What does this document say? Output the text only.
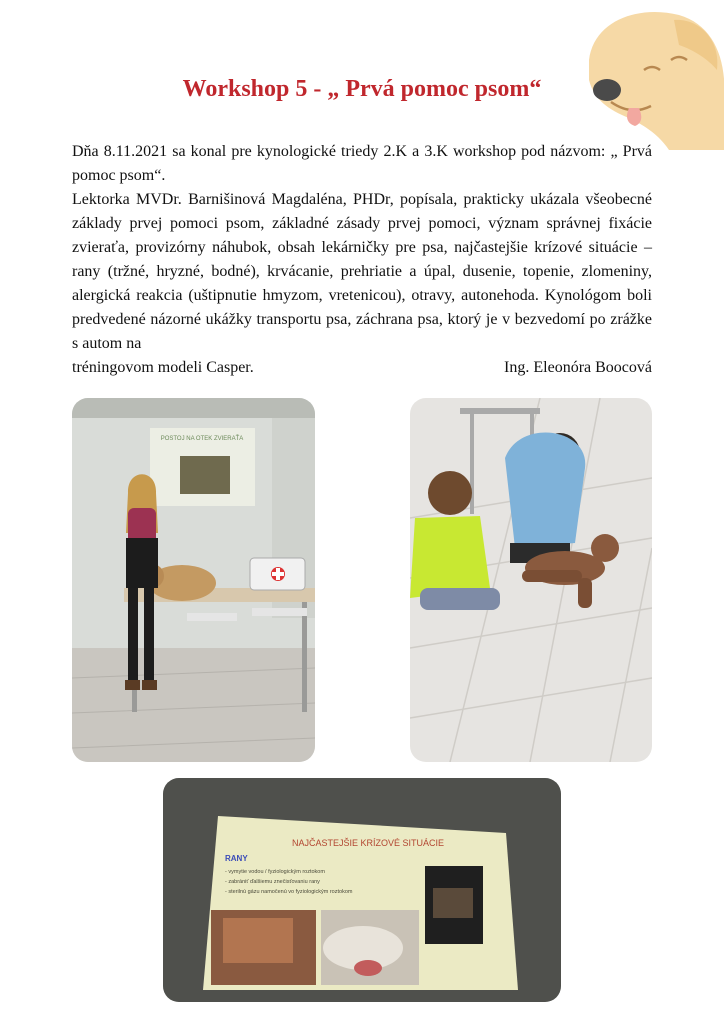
Workshop 5 - „ Prvá pomoc psom“

Dňa 8.11.2021 sa konal pre kynologické triedy 2.K a 3.K workshop pod názvom: „ Prvá pomoc psom“.

Lektorka MVDr. Barnišinová Magdaléna, PHDr, popísala, prakticky ukázala všeobecné základy prvej pomoci psom, základné zásady prvej pomoci, význam správnej fixácie zvieraťa, provizórny náhubok, obsah lekárničky pre psa, najčastejšie krízové situácie – rany (tržné, hryzné, bodné), krvácanie, prehriatie a úpal, dusenie, topenie, zlomeniny, alergická reakcia (uštipnutie hmyzom, vretenicou), otravy, autonehoda. Kynológom boli predvedené názorné ukážky transportu psa, záchrana psa, ktorý je v bezvedomí po zrážke s autom na

tréningovom modeli Casper.	Ing. Eleonóra Boocová
POSTOJ NA OTEK ZVIERAŤA
NAJČASTEJŠIE KRÍZOVÉ SITUÁCIE
RANY
- vymytie vodou / fyziologickým roztokom
- zabrániť ďalšiemu znečisťovaniu rany
- sterilnú gázu namočenú vo fyziologickým roztokom
